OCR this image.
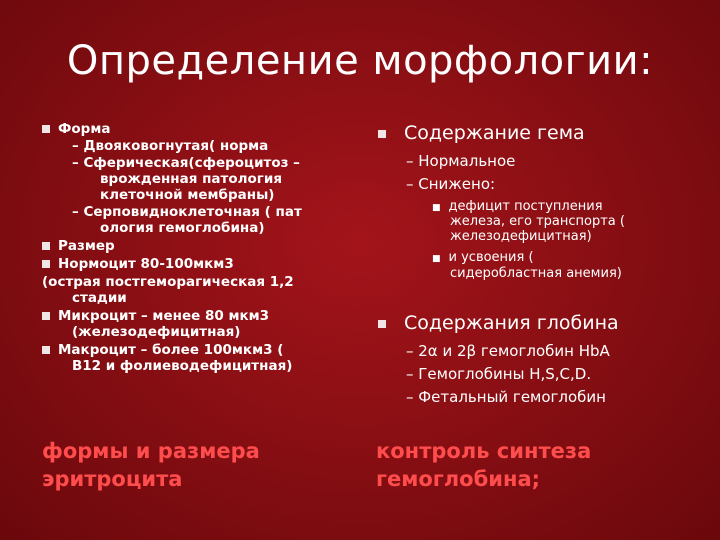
Определение морфологии:
Форма
– Двояковогнутая( норма
– Сферическая(сфероцитоз –
врожденная патология
клеточной мембраны)
– Серповидноклеточная ( пат
ология гемоглобина)
Размер
Нормоцит 80-100мкм3
(острая постгеморагическая 1,2
стадии
Микроцит – менее 80 мкм3
(железодефицитная)
Макроцит – более 100мкм3 (
В12 и фолиеводефицитная)
Содержание гема
– Нормальное
– Снижено:
■ дефицит поступления
железа, его транспорта (
железодефицитная)
■ и усвоения (
сидеробластная анемия)
Содержания глобина
– 2α и 2β гемоглобин HbA
– Гемоглобины H,S,C,D.
– Фетальный гемоглобин
формы и размера
эритроцита
контроль синтеза
гемоглобина;
